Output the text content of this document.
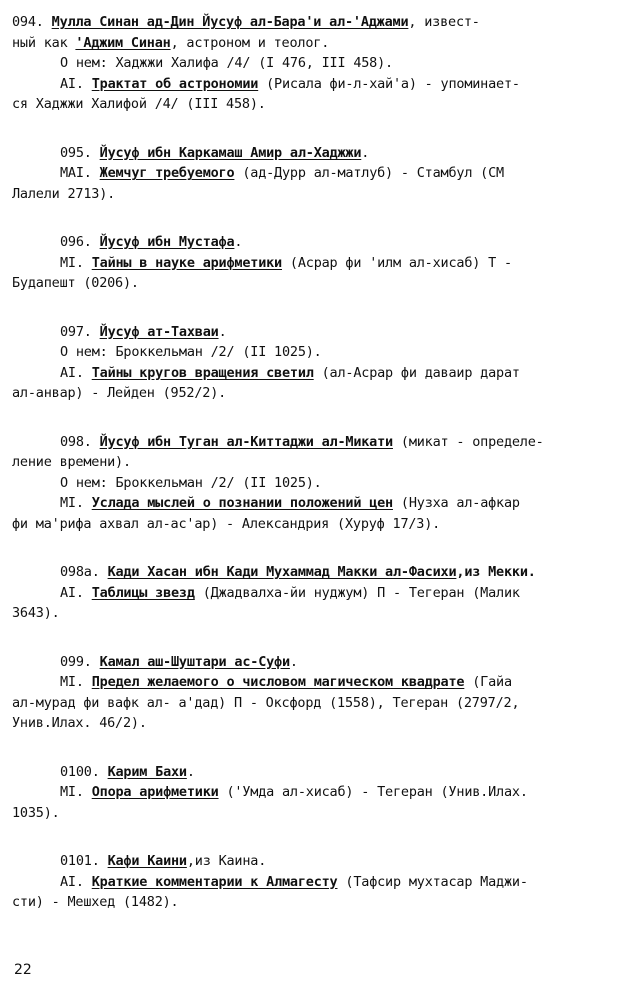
094. Мулла Синан ад-Дин Йусуф ал-Бара'и ал-'Аджами, извест-
ный как 'Аджим Синан, астроном и теолог.
О нем: Хаджжи Халифа /4/ (I 476, III 458).
AI. Трактат об астрономии (Рисала фи-л-хай'а) - упоминает-
ся Хаджжи Халифой /4/ (III 458).
095. Йусуф ибн Каркамаш Амир ал-Хаджжи.
MAI. Жемчуг требуемого (ад-Дурр ал-матлуб) - Стамбул (СМ
Лалели 2713).
096. Йусуф ибн Мустафа.
MI. Тайны в науке арифметики (Асрар фи 'илм ал-хисаб) Т -
Будапешт (0206).
097. Йусуф ат-Тахваи.
О нем: Броккельман /2/ (II 1025).
AI. Тайны кругов вращения светил (ал-Асрар фи даваир дарат
ал-анвар) - Лейден (952/2).
098. Йусуф ибн Туган ал-Киттаджи ал-Микати (микат - определе-
ление времени).
О нем: Броккельман /2/ (II 1025).
MI. Услада мыслей о познании положений цен (Нузха ал-афкар
фи ма'рифа ахвал ал-ас'ар) - Александрия (Хуруф 17/3).
098а. Кади Хасан ибн Кади Мухаммад Макки ал-Фасихи,из Мекки.
AI. Таблицы звезд (Джадвалха-йи нуджум) П - Тегеран (Малик
3643).
099. Камал аш-Шуштари ас-Суфи.
MI. Предел желаемого о числовом магическом квадрате (Гайа
ал-мурад фи вафк ал- а'дад) П - Оксфорд (1558), Тегеран (2797/2,
Унив.Илах. 46/2).
0100. Карим Бахи.
MI. Опора арифметики ('Умда ал-хисаб) - Тегеран (Унив.Илах.
1035).
0101. Кафи Каини,из Каина.
AI. Краткие комментарии к Алмагесту (Тафсир мухтасар Маджи-
сти) - Мешхед (1482).
22
